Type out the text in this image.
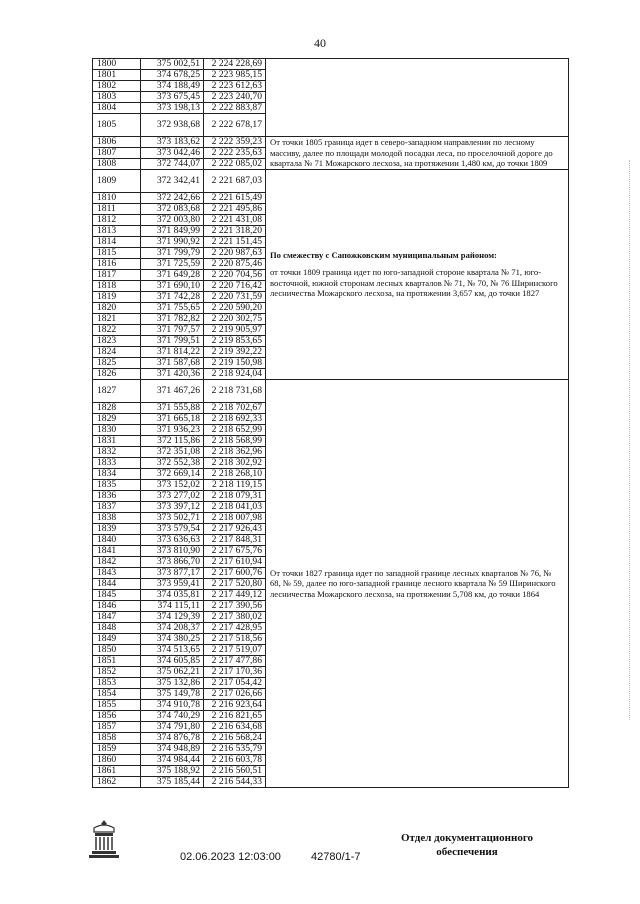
40
1800	375 002,51	2 224 228,69	
1801	374 678,25	2 223 985,15	
1802	374 188,49	2 223 612,63	
1803	373 675,45	2 223 240,70	
1804	373 198,13	2 222 883,87	
1805	372 938,68	2 222 678,17	
1806	373 183,62	2 222 359,23	От точки 1805 граница идет в северо-западном направлении по лесному массиву, далее по площади молодой посадки леса, по проселочной дороге до квартала № 71 Можарского лесхоза, на протяжении 1,480 км, до точки 1809

1807	373 042,46	2 222 235,63	
1808	372 744,07	2 222 085,02	
1809	372 342,41	2 221 687,03	По смежеству с Сапожковским муниципальным районом:
от точки 1809 граница идет по юго-западной стороне квартала № 71, юго-восточной, южной сторонам лесных кварталов № 71, № 70, № 76 Ширинского лесничества Можарского лесхоза, на протяжении 3,657 км, до точки 1827

1810	372 242,66	2 221 615,49	
1811	372 083,68	2 221 495,86	
1812	372 003,80	2 221 431,08	
1813	371 849,99	2 221 318,20	
1814	371 990,92	2 221 151,45	
1815	371 799,79	2 220 987,63	
1816	371 725,59	2 220 875,46	
1817	371 649,28	2 220 704,56	
1818	371 690,10	2 220 716,42	
1819	371 742,28	2 220 731,59	
1820	371 755,65	2 220 590,20	
1821	371 782,82	2 220 302,75	
1822	371 797,57	2 219 905,97	
1823	371 799,51	2 219 853,65	
1824	371 814,22	2 219 392,22	
1825	371 587,68	2 219 150,98	
1826	371 420,36	2 218 924,04	
1827	371 467,26	2 218 731,68	От точки 1827 граница идет по западной границе лесных кварталов № 76, № 68, № 59, далее по юго-западной границе лесного квартала № 59 Ширинского лесничества Можарского лесхоза, на протяжении 5,708 км, до точки 1864

1828	371 555,88	2 218 702,67	
1829	371 665,18	2 218 692,33	
1830	371 936,23	2 218 652,99	
1831	372 115,86	2 218 568,99	
1832	372 351,08	2 218 362,96	
1833	372 552,38	2 218 302,92	
1834	372 669,14	2 218 268,10	
1835	373 152,02	2 218 119,15	
1836	373 277,02	2 218 079,31	
1837	373 397,12	2 218 041,03	
1838	373 502,71	2 218 007,98	
1839	373 579,54	2 217 926,43	
1840	373 636,63	2 217 848,31	
1841	373 810,90	2 217 675,76	
1842	373 866,70	2 217 610,94	
1843	373 877,17	2 217 600,76	
1844	373 959,41	2 217 520,80	
1845	374 035,81	2 217 449,12	
1846	374 115,11	2 217 390,56	
1847	374 129,39	2 217 380,02	
1848	374 208,37	2 217 428,95	
1849	374 380,25	2 217 518,56	
1850	374 513,65	2 217 519,07	
1851	374 605,85	2 217 477,86	
1852	375 062,21	2 217 170,36	
1853	375 132,86	2 217 054,42	
1854	375 149,78	2 217 026,66	
1855	374 910,78	2 216 923,64	
1856	374 740,29	2 216 821,65	
1857	374 791,80	2 216 634,68	
1858	374 876,78	2 216 568,24	
1859	374 948,89	2 216 535,79	
1860	374 984,44	2 216 603,78	
1861	375 188,92	2 216 560,51	
1862	375 185,44	2 216 544,33	
Отдел документационного
обеспечения
02.06.2023 12:03:00	42780/1-7
